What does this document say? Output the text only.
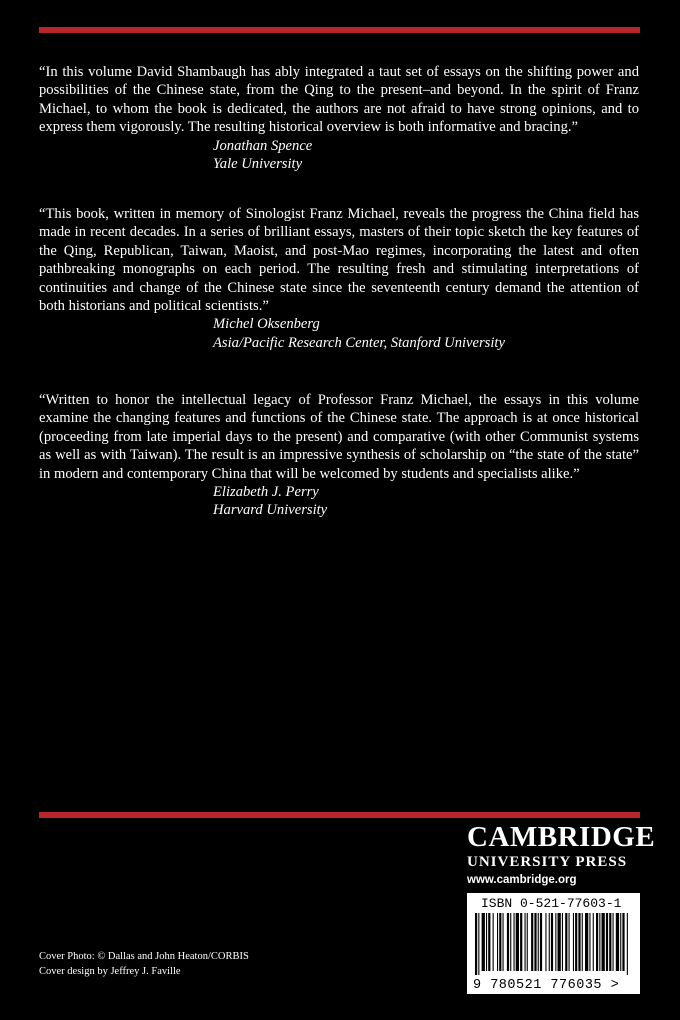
“In this volume David Shambaugh has ably integrated a taut set of essays on the shifting power and possibilities of the Chinese state, from the Qing to the present–and beyond. In the spirit of Franz Michael, to whom the book is dedicated, the authors are not afraid to have strong opinions, and to express them vigorously. The resulting historical overview is both informative and bracing.”

Jonathan Spence
Yale University

“This book, written in memory of Sinologist Franz Michael, reveals the progress the China field has made in recent decades. In a series of brilliant essays, masters of their topic sketch the key features of the Qing, Republican, Taiwan, Maoist, and post-Mao regimes, incorporating the latest and often pathbreaking monographs on each period. The resulting fresh and stimulating interpretations of continuities and change of the Chinese state since the seventeenth century demand the attention of both historians and political scientists.”

Michel Oksenberg
Asia/Pacific Research Center, Stanford University

“Written to honor the intellectual legacy of Professor Franz Michael, the essays in this volume examine the changing features and functions of the Chinese state. The approach is at once historical (proceeding from late imperial days to the present) and comparative (with other Communist systems as well as with Taiwan). The result is an impressive synthesis of scholarship on “the state of the state” in modern and contemporary China that will be welcomed by students and specialists alike.”

Elizabeth J. Perry
Harvard University
CAMBRIDGE
UNIVERSITY PRESS
www.cambridge.org
ISBN 0-521-77603-1
9 780521 776035 >
Cover Photo: © Dallas and John Heaton/CORBIS
Cover design by Jeffrey J. Faville
